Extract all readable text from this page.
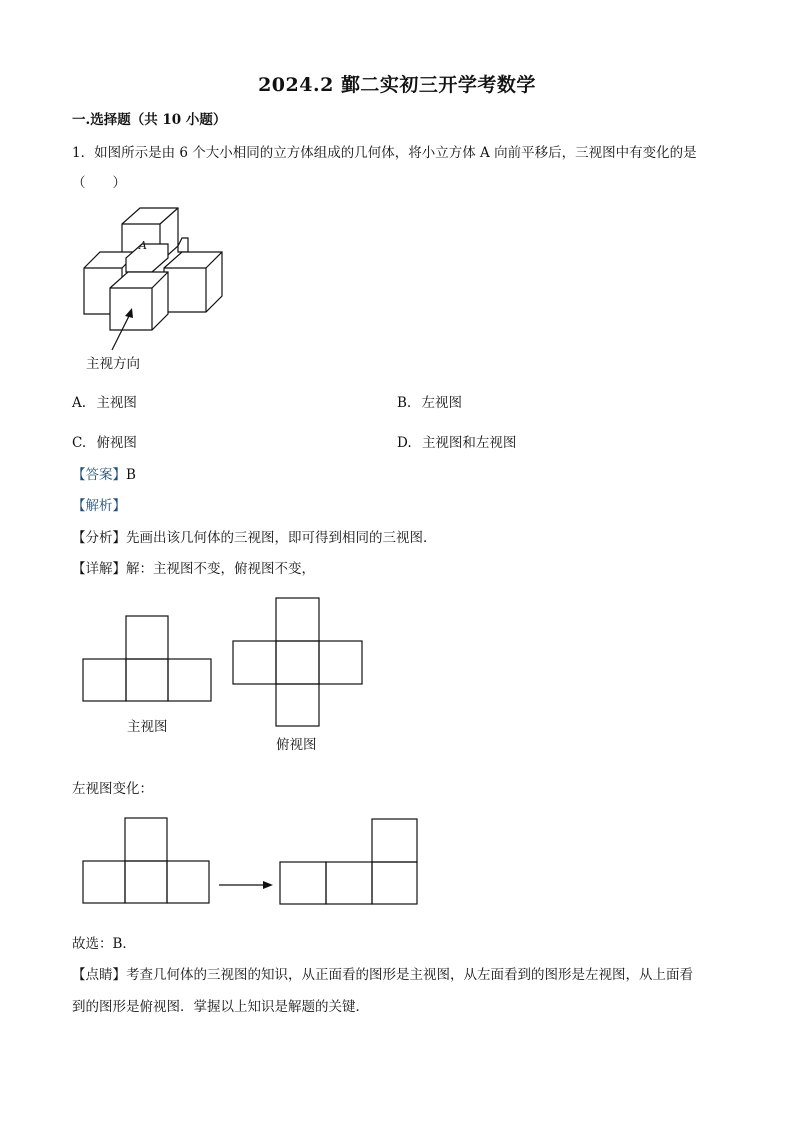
2024.2 鄞二实初三开学考数学
一.选择题（共 10 小题）
1．如图所示是由 6 个大小相同的立方体组成的几何体，将小立方体 A 向前平移后，三视图中有变化的是
（　　）
A
主视方向
A. 主视图	B. 左视图
C. 俯视图	D. 主视图和左视图
【答案】B
【解析】
【分析】先画出该几何体的三视图，即可得到相同的三视图．
【详解】解：主视图不变，俯视图不变，
主视图
俯视图
左视图变化：
故选：B．
【点睛】考查几何体的三视图的知识，从正面看的图形是主视图，从左面看到的图形是左视图，从上面看
到的图形是俯视图．掌握以上知识是解题的关键．
